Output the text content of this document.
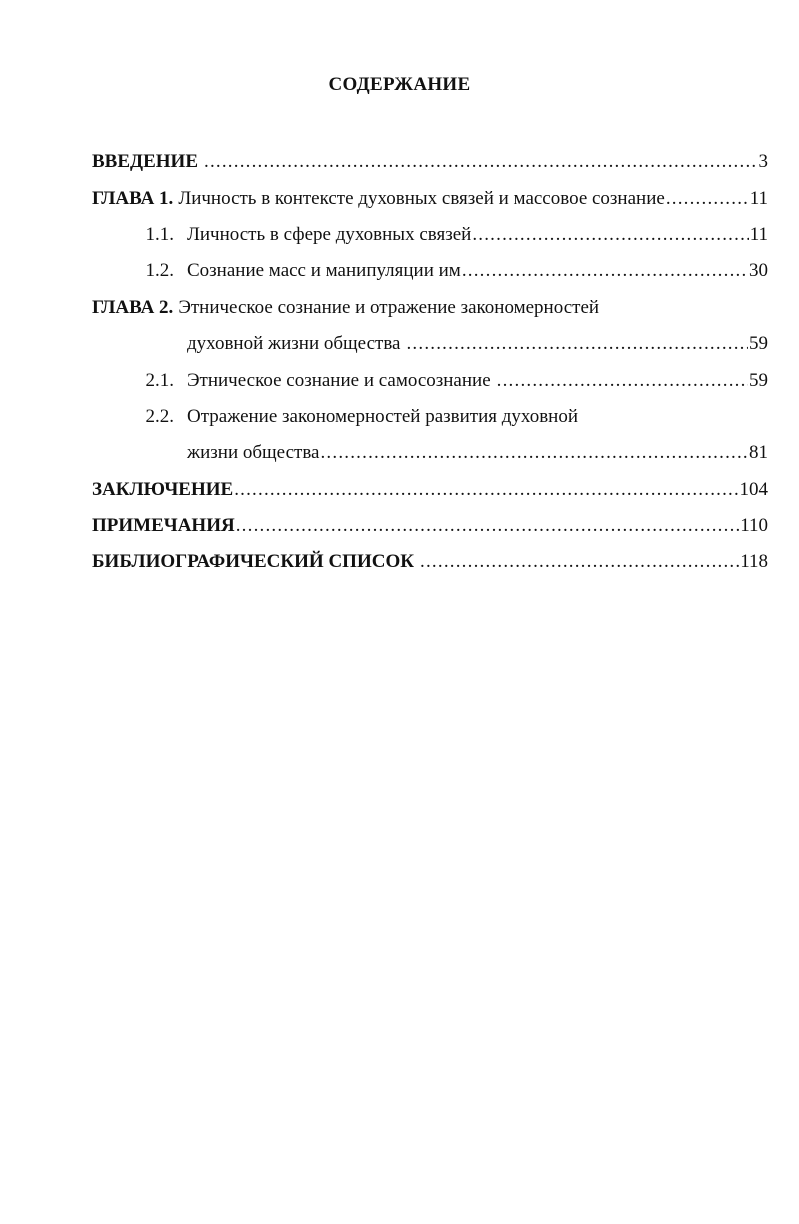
СОДЕРЖАНИЕ
ВВЕДЕНИЕ .....	3
ГЛАВА 1. Личность в контексте духовных связей и массовое сознание .....	11
1.1. Личность в сфере духовных связей .....	11
1.2. Сознание масс и манипуляции им .....	30
ГЛАВА 2. Этническое сознание и отражение закономерностей
духовной жизни общества .....	59
2.1. Этническое сознание и самосознание .....	59
2.2. Отражение закономерностей развития духовной
жизни общества .....	81
ЗАКЛЮЧЕНИЕ .....	104
ПРИМЕЧАНИЯ .....	110
БИБЛИОГРАФИЧЕСКИЙ СПИСОК .....	118
